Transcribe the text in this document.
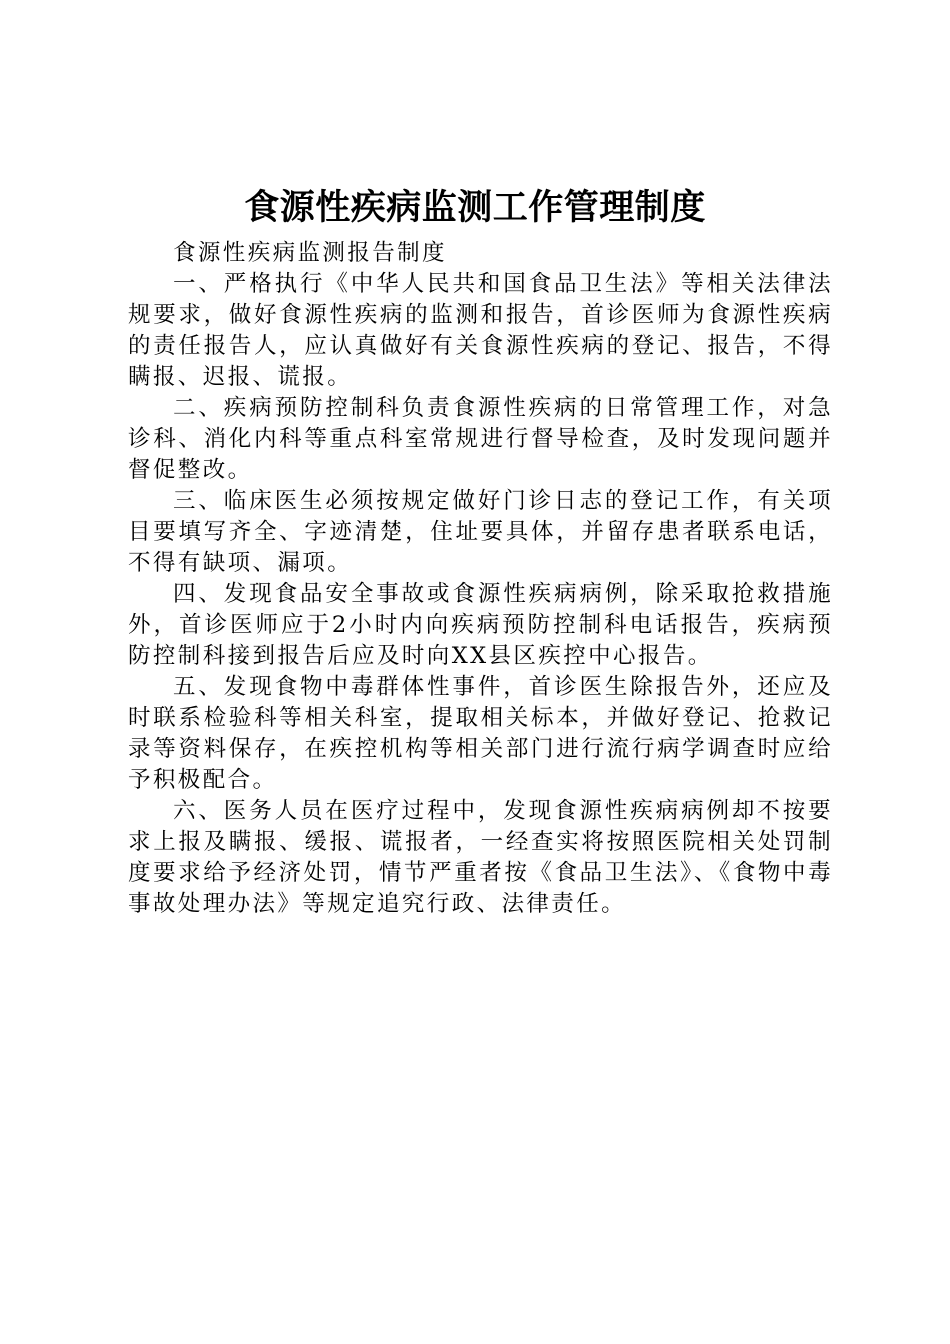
食源性疾病监测工作管理制度

食源性疾病监测报告制度

一、严格执行《中华人民共和国食品卫生法》等相关法律法规要求，做好食源性疾病的监测和报告，首诊医师为食源性疾病的责任报告人，应认真做好有关食源性疾病的登记、报告，不得瞒报、迟报、谎报。

二、疾病预防控制科负责食源性疾病的日常管理工作，对急诊科、消化内科等重点科室常规进行督导检查，及时发现问题并督促整改。

三、临床医生必须按规定做好门诊日志的登记工作，有关项目要填写齐全、字迹清楚，住址要具体，并留存患者联系电话，不得有缺项、漏项。

四、发现食品安全事故或食源性疾病病例，除采取抢救措施外，首诊医师应于2小时内向疾病预防控制科电话报告，疾病预防控制科接到报告后应及时向XX县区疾控中心报告。

五、发现食物中毒群体性事件，首诊医生除报告外，还应及时联系检验科等相关科室，提取相关标本，并做好登记、抢救记录等资料保存，在疾控机构等相关部门进行流行病学调查时应给予积极配合。

六、医务人员在医疗过程中，发现食源性疾病病例却不按要求上报及瞒报、缓报、谎报者，一经查实将按照医院相关处罚制度要求给予经济处罚，情节严重者按《食品卫生法》、《食物中毒事故处理办法》等规定追究行政、法律责任。
